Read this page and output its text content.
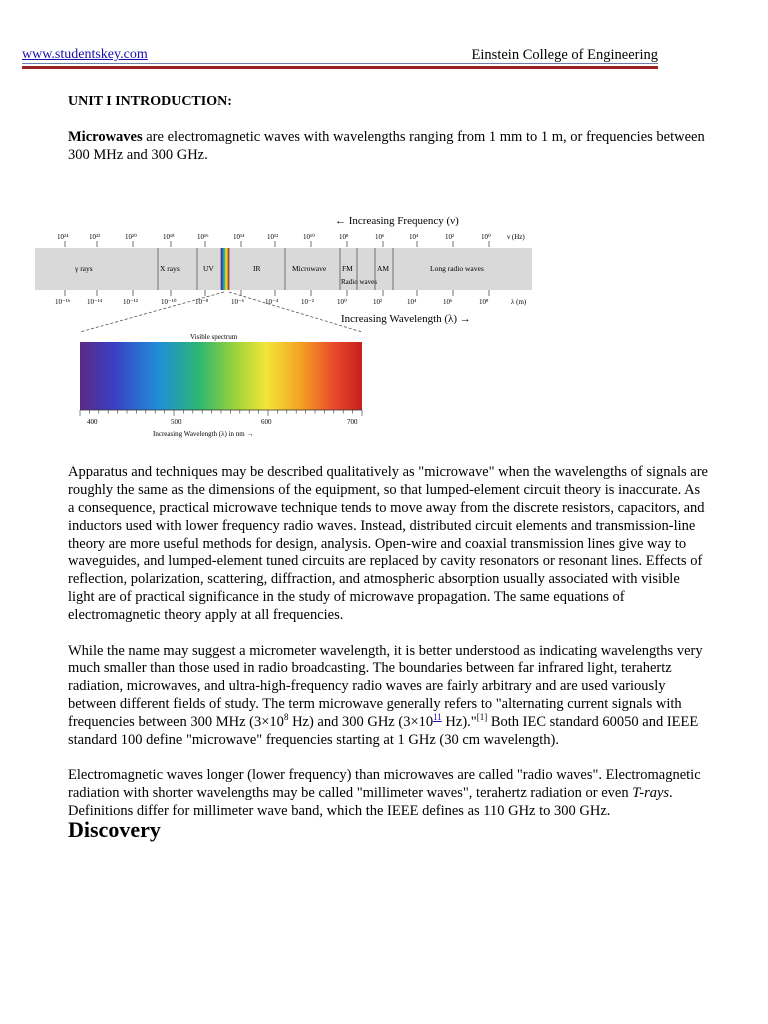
www.studentskey.com	Einstein College of Engineering
← Increasing Frequency (ν)
ν (Hz)
10²⁴	10²²	10²⁰	10¹⁸	10¹⁶	10¹⁴	10¹²	10¹⁰	10⁸	10⁶	10⁴	10²	10⁰
γ rays	X rays	UV	IR	Microwave FM	AM	Long radio waves
Radio waves
10⁻¹⁶ 10⁻¹⁴	10⁻¹²	10⁻¹⁰	10⁻⁸	10⁻⁶	10⁻⁴	10⁻²	10⁰	10²	10⁴	10⁶	10⁸	λ (m)
Increasing Wavelength (λ) →
Visible spectrum
400	500	600	700
Increasing Wavelength (λ) in nm →

UNIT I INTRODUCTION:

Microwaves are electromagnetic waves with wavelengths ranging from 1 mm to 1 m, or frequencies between 300 MHz and 300 GHz.

Apparatus and techniques may be described qualitatively as "microwave" when the wavelengths of signals are roughly the same as the dimensions of the equipment, so that lumped-element circuit theory is inaccurate. As a consequence, practical microwave technique tends to move away from the discrete resistors, capacitors, and inductors used with lower frequency radio waves. Instead, distributed circuit elements and transmission-line theory are more useful methods for design, analysis. Open-wire and coaxial transmission lines give way to waveguides, and lumped-element tuned circuits are replaced by cavity resonators or resonant lines. Effects of reflection, polarization, scattering, diffraction, and atmospheric absorption usually associated with visible light are of practical significance in the study of microwave propagation. The same equations of electromagnetic theory apply at all frequencies.

While the name may suggest a micrometer wavelength, it is better understood as indicating wavelengths very much smaller than those used in radio broadcasting. The boundaries between far infrared light, terahertz radiation, microwaves, and ultra-high-frequency radio waves are fairly arbitrary and are used variously between different fields of study. The term microwave generally refers to "alternating current signals with frequencies between 300 MHz ($3\times 10^8$ Hz) and 300 GHz (3×10$^{11}$ Hz)."[1] Both IEC standard 60050 and IEEE standard 100 define "microwave" frequencies starting at 1 GHz (30 cm wavelength).

Electromagnetic waves longer (lower frequency) than microwaves are called "radio waves". Electromagnetic radiation with shorter wavelengths may be called "millimeter waves", terahertz radiation or even T-rays. Definitions differ for millimeter wave band, which the IEEE defines as 110 GHz to 300 GHz.

Discovery
